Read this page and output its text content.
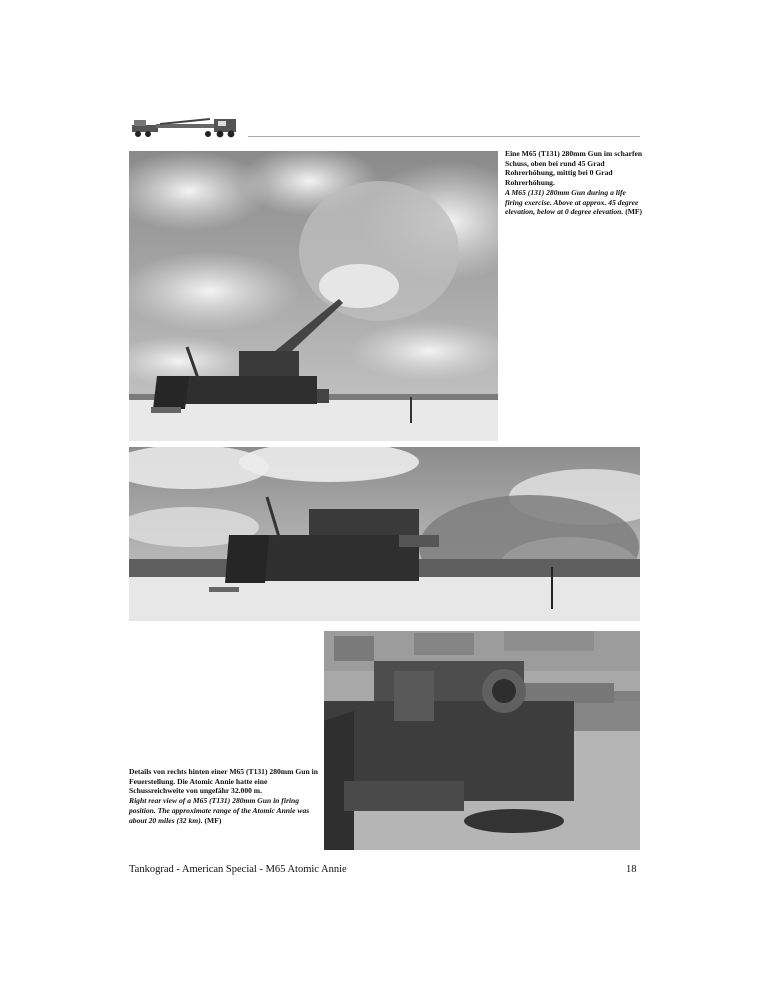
Eine M65 (T131) 280mm Gun im scharfen Schuss, oben bei rund 45 Grad Rohrerhöhung, mittig bei 0 Grad Rohrerhöhung.

A M65 (131) 280mm Gun during a life firing exercise. Above at approx. 45 degree elevation, below at 0 degree elevation. (MF)

Details von rechts hinten einer M65 (T131) 280mm Gun in Feuerstellung. Die Atomic Annie hatte eine Schussreichweite von ungefähr 32.000 m.

Right rear view of a M65 (T131) 280mm Gun in firing position. The approximate range of the Atomic Annie was about 20 miles (32 km). (MF)

Tankograd - American Special - M65 Atomic Annie	18
